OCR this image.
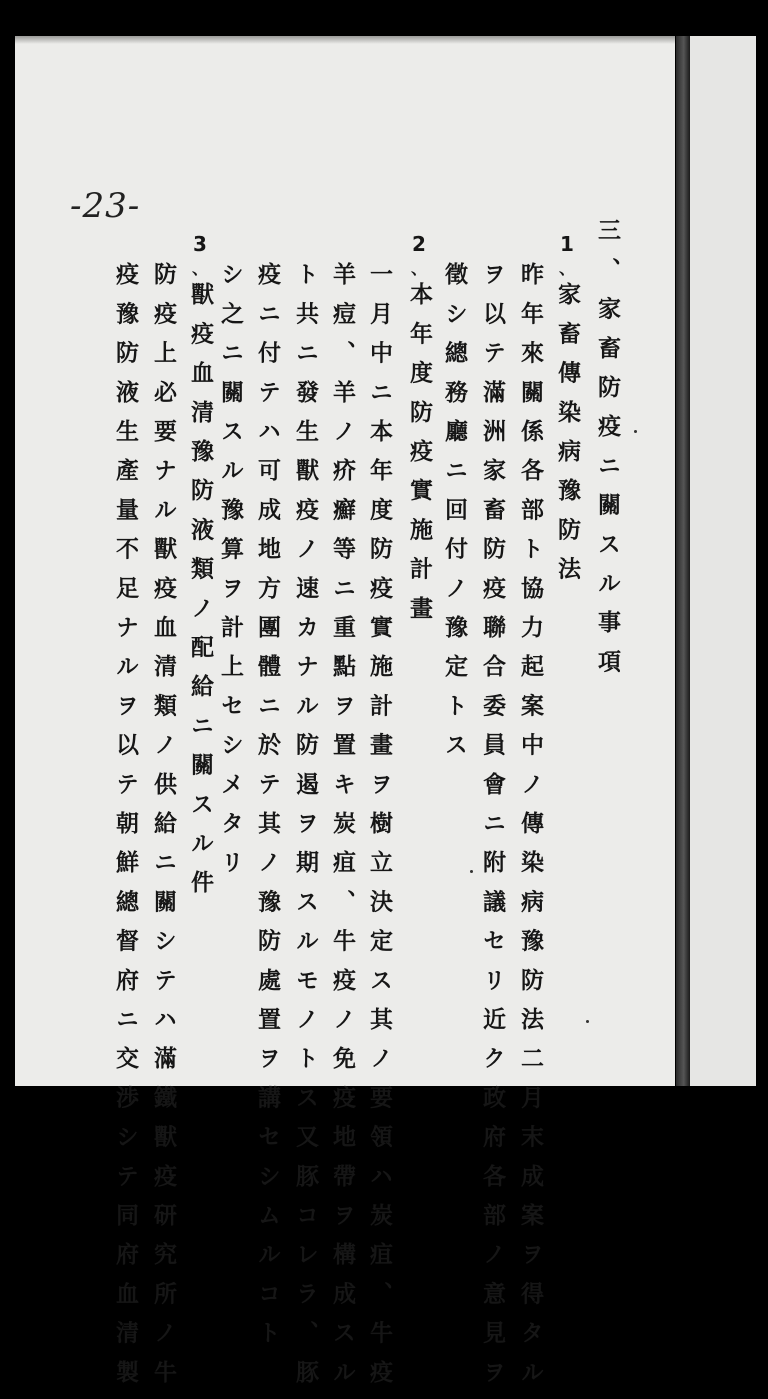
-23-
三、家畜防疫ニ關スル事項
1
、
家畜傳染病豫防法
昨年來關係各部ト協力起案中ノ傳染病豫防法二月末成案ヲ得タル
ヲ以テ滿洲家畜防疫聯合委員會ニ附議セリ近ク政府各部ノ意見ヲ
徵シ總務廳ニ回付ノ豫定トス
2
、
本年度防疫實施計畫
一月中ニ本年度防疫實施計畫ヲ樹立決定ス其ノ要領ハ炭疽、牛疫
羊痘、羊ノ疥癬等ニ重點ヲ置キ炭疽、牛疫ノ免疫地帶ヲ構成スル
ト共ニ發生獸疫ノ速カナル防遏ヲ期スルモノトス又豚コレラ、豚
疫ニ付テハ可成地方團體ニ於テ其ノ豫防處置ヲ講セシムルコト
シ之ニ關スル豫算ヲ計上セシメタリ
3
、
獸疫血清豫防液類ノ配給ニ關スル件
防疫上必要ナル獸疫血清類ノ供給ニ關シテハ滿鐵獸疫研究所ノ牛
疫豫防液生產量不足ナルヲ以テ朝鮮總督府ニ交渉シテ同府血清製
